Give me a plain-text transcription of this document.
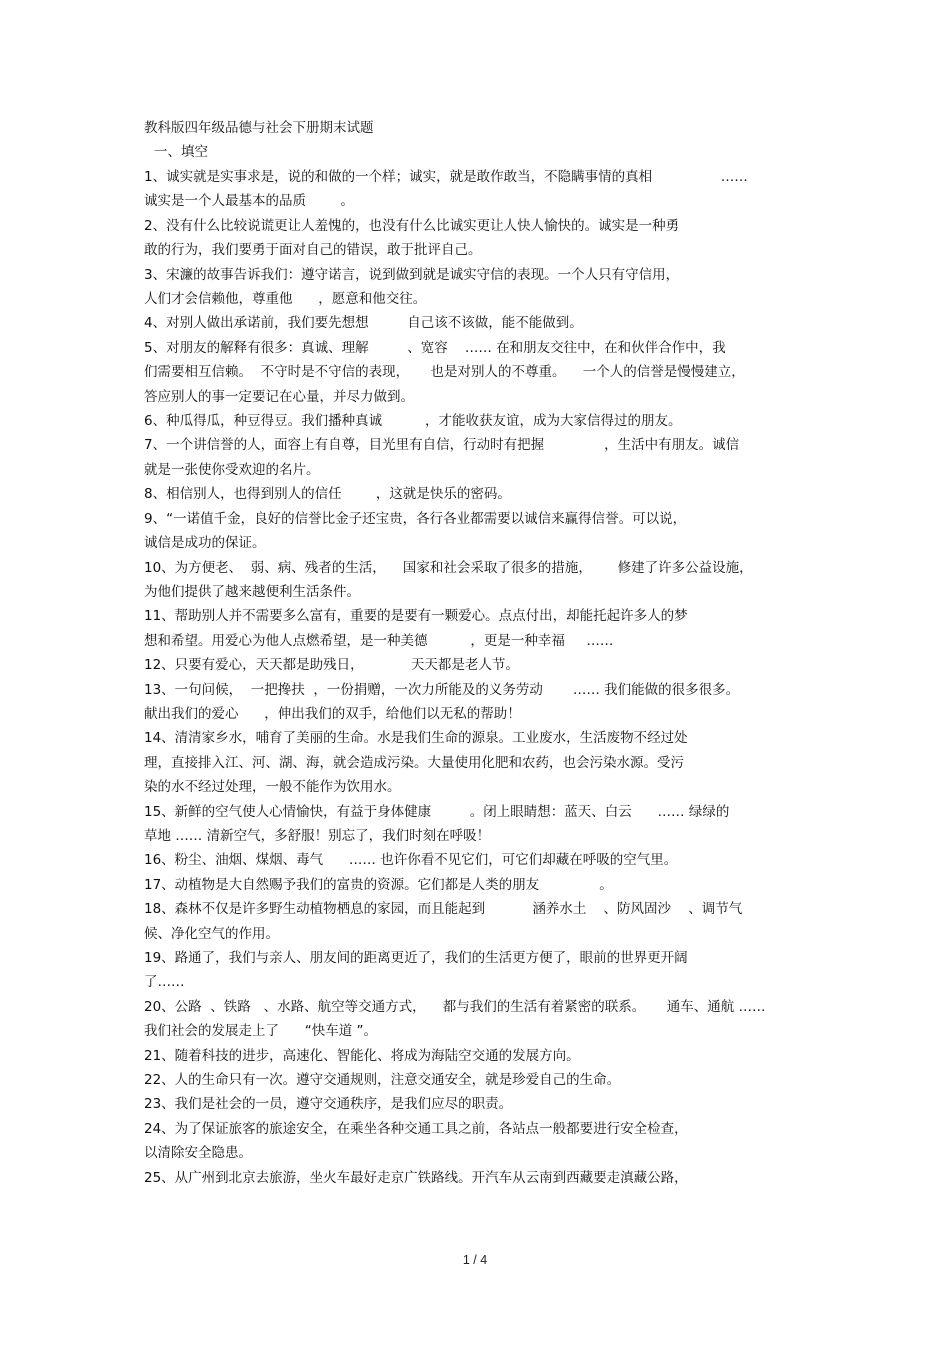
教科版四年级品德与社会下册期末试题
一、填空
1、诚实就是实事求是，说的和做的一个样；诚实，就是敢作敢当，不隐瞒事情的真相                ……
诚实是一个人最基本的品质        。
2、没有什么比较说谎更让人羞愧的，也没有什么比诚实更让人快人愉快的。诚实是一种勇
敢的行为，我们要勇于面对自己的错误，敢于批评自己。
3、宋濂的故事告诉我们：遵守诺言，说到做到就是诚实守信的表现。一个人只有守信用，
人们才会信赖他，尊重他      ，愿意和他交往。
4、对别人做出承诺前，我们要先想想         自己该不该做，能不能做到。
5、对朋友的解释有很多：真诚、理解         、宽容    …… 在和朋友交往中，在和伙伴合作中，我
们需要相互信赖。  不守时是不守信的表现，     也是对别人的不尊重。    一个人的信誉是慢慢建立，
答应别人的事一定要记在心量，并尽力做到。
6、种瓜得瓜，种豆得豆。我们播种真诚          ，才能收获友谊，成为大家信得过的朋友。
7、一个讲信誉的人，面容上有自尊，目光里有自信，行动时有把握              ，生活中有朋友。诚信
就是一张使你受欢迎的名片。
8、相信别人，也得到别人的信任        ，这就是快乐的密码。
9、“一诺值千金，良好的信誉比金子还宝贵，各行各业都需要以诚信来赢得信誉。可以说，
诚信是成功的保证。
10、为方便老、  弱、病、残者的生活，    国家和社会采取了很多的措施，      修建了许多公益设施，
为他们提供了越来越便利生活条件。
11、帮助别人并不需要多么富有，重要的是要有一颗爱心。点点付出，却能托起许多人的梦
想和希望。用爱心为他人点燃希望，是一种美德          ，更是一种幸福     ……
12、只要有爱心，天天都是助残日，           天天都是老人节。
13、一句问候，  一把搀扶  ，一份捐赠，一次力所能及的义务劳动       …… 我们能做的很多很多。
献出我们的爱心      ，伸出我们的双手，给他们以无私的帮助！
14、清清家乡水，哺育了美丽的生命。水是我们生命的源泉。工业废水，生活废物不经过处
理，直接排入江、河、湖、海，就会造成污染。大量使用化肥和农药，也会污染水源。受污
染的水不经过处理，一般不能作为饮用水。
15、新鲜的空气使人心情愉快，有益于身体健康         。闭上眼睛想：蓝天、白云      …… 绿绿的
草地 …… 清新空气，多舒服！别忘了，我们时刻在呼吸！
16、粉尘、油烟、煤烟、毒气      …… 也许你看不见它们，可它们却藏在呼吸的空气里。
17、动植物是大自然赐予我们的富贵的资源。它们都是人类的朋友              。
18、森林不仅是许多野生动植物栖息的家园，而且能起到           涵养水土    、防风固沙    、调节气
候、净化空气的作用。
19、路通了，我们与亲人、朋友间的距离更近了，我们的生活更方便了，眼前的世界更开阔
了……
20、公路  、铁路   、水路、航空等交通方式，    都与我们的生活有着紧密的联系。     通车、通航 ……
我们社会的发展走上了      “快车道 ”。
21、随着科技的进步，高速化、智能化、将成为海陆空交通的发展方向。
22、人的生命只有一次。遵守交通规则，注意交通安全，就是珍爱自己的生命。
23、我们是社会的一员，遵守交通秩序，是我们应尽的职责。
24、为了保证旅客的旅途安全，在乘坐各种交通工具之前，各站点一般都要进行安全检查，
以清除安全隐患。
25、从广州到北京去旅游，坐火车最好走京广铁路线。开汽车从云南到西藏要走滇藏公路，
1 / 4
